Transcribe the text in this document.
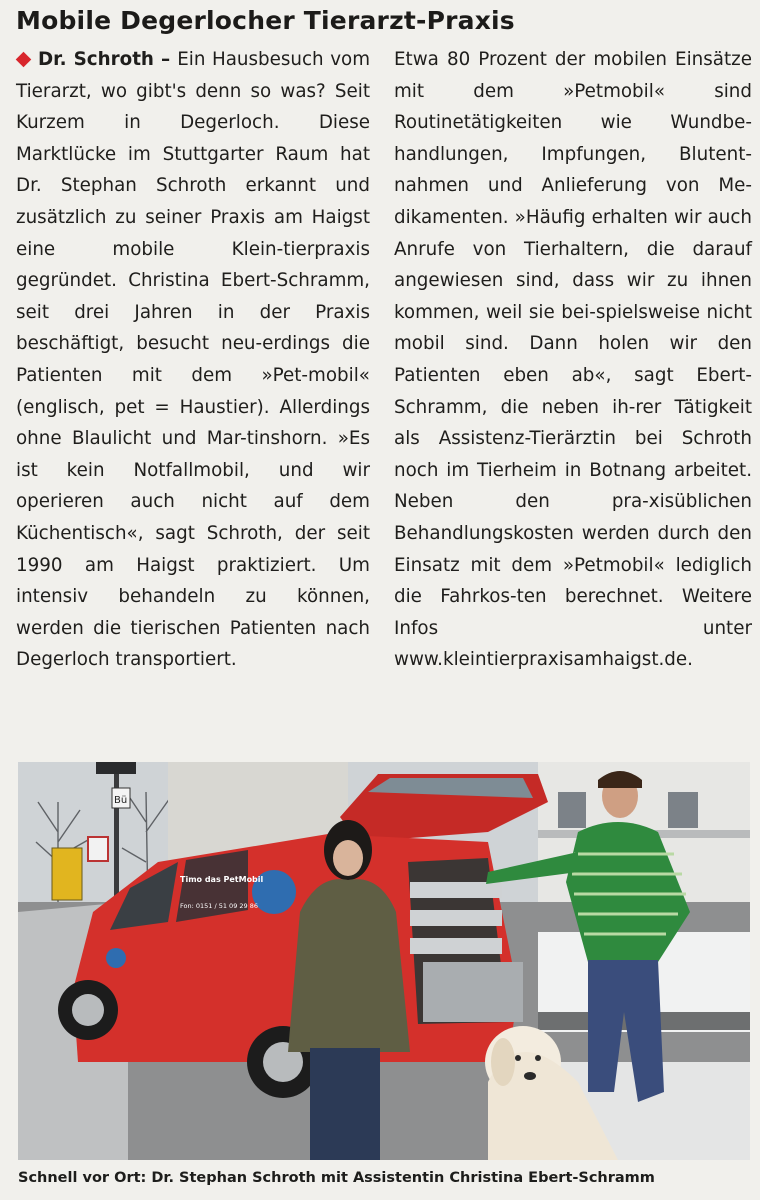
Mobile Degerlocher Tierarzt-Praxis

Dr. Schroth – Ein Hausbesuch vom Tierarzt, wo gibt's denn so was? Seit Kurzem in Degerloch. Diese Marktlücke im Stuttgarter Raum hat Dr. Stephan Schroth erkannt und zusätzlich zu seiner Praxis am Haigst eine mobile Klein-tierpraxis gegründet. Christina Ebert-Schramm, seit drei Jahren in der Praxis beschäftigt, besucht neu-erdings die Patienten mit dem »Pet-mobil« (englisch, pet = Haustier). Allerdings ohne Blaulicht und Mar-tinshorn. »Es ist kein Notfallmobil, und wir operieren auch nicht auf dem Küchentisch«, sagt Schroth, der seit 1990 am Haigst praktiziert. Um intensiv behandeln zu können, werden die tierischen Patienten nach Degerloch transportiert.

Etwa 80 Prozent der mobilen Einsätze mit dem »Petmobil« sind Routinetätigkeiten wie Wundbe-handlungen, Impfungen, Blutent-nahmen und Anlieferung von Me-dikamenten. »Häufig erhalten wir auch Anrufe von Tierhaltern, die darauf angewiesen sind, dass wir zu ihnen kommen, weil sie bei-spielsweise nicht mobil sind. Dann holen wir den Patienten eben ab«, sagt Ebert-Schramm, die neben ih-rer Tätigkeit als Assistenz-Tierärztin bei Schroth noch im Tierheim in Botnang arbeitet. Neben den pra-xisüblichen Behandlungskosten werden durch den Einsatz mit dem »Petmobil« lediglich die Fahrkos-ten berechnet. Weitere Infos unter www.kleintierpraxisamhaigst.de.

Bü
Timo das PetMobil
Fon: 0151 / 51 09 29 86
Schnell vor Ort: Dr. Stephan Schroth mit Assistentin Christina Ebert-Schramm
